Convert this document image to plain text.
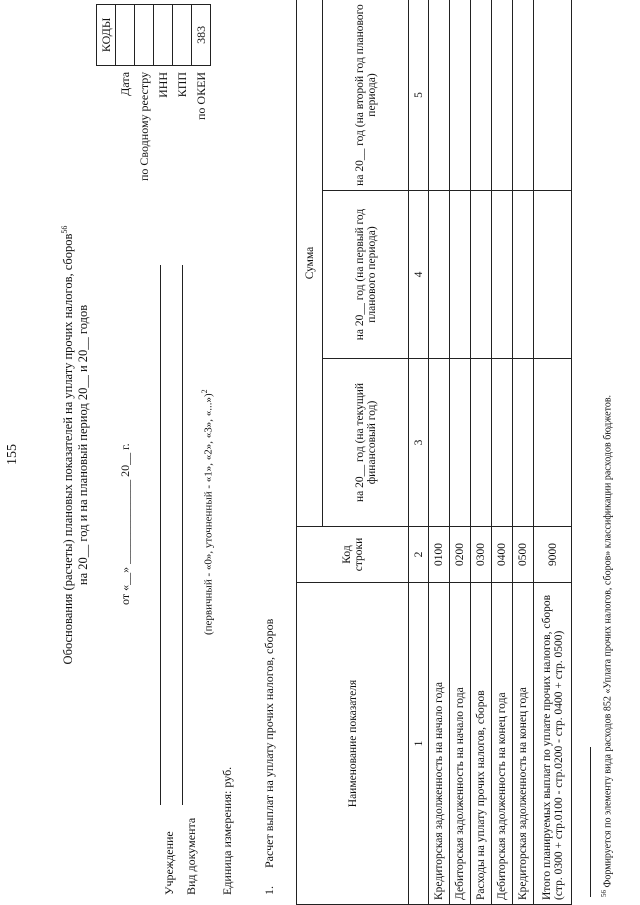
155	Обоснования (расчеты) плановых показателей на уплату прочих налогов, сборов$^{56}$
на 20__ год и на плановый период 20__ и 20__ годов от «__» ______________ 20__ г.
	КОДЫ
Дата	
по Сводному реестру	
ИНН	
КПП	
по ОКЕИ	383
Учреждение Вид документа
(первичный - «0», уточненный - «1», «2», «3», «...»)$^2$
Единица измерения: руб. 1.      Расчет выплат на уплату прочих налогов, сборов	Наименование показателя	Код строки	Сумма		
		на 20__ год (на текущий финансовый год)	на 20__ год (на первый год планового периода)	на 20__ год (на второй год планового периода)
1	2	3	4	5
Кредиторская задолженность на начало года	0100			
Дебиторская задолженность на начало года	0200			
Расходы на уплату прочих налогов, сборов	0300			
Дебиторская задолженность на конец года	0400			
Кредиторская задолженность на конец года	0500			
Итого планируемых выплат по уплате прочих налогов, сборов (стр. 0300 + стр.0100 - стр.0200 - стр. 0400 + стр. 0500)	9000			
$^{56}$ Формируется по элементу вида расходов 852 «Уплата прочих налогов, сборов» классификации расходов бюджетов.
